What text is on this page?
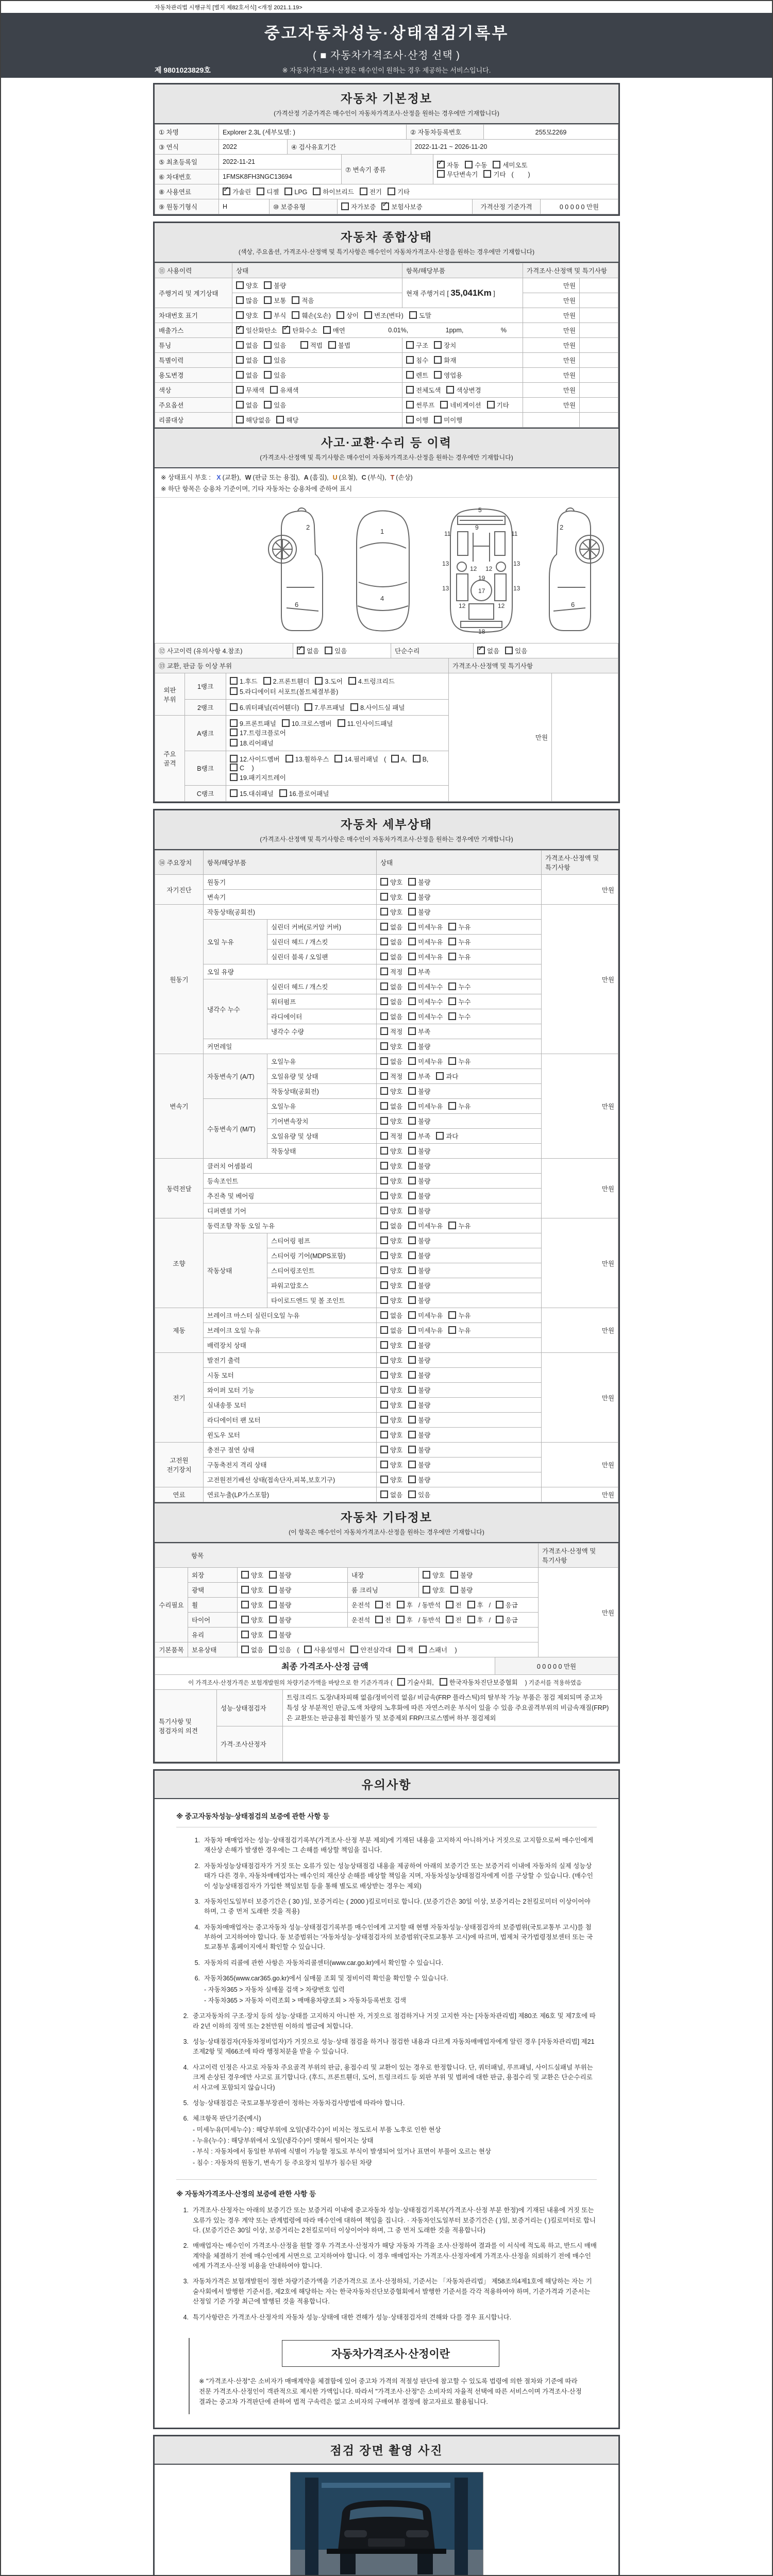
자동차관리법 시행규칙 [별지 제82호서식] <개정 2021.1.19>
중고자동차성능·상태점검기록부
( ■ 자동차가격조사·산정 선택 )
※ 자동차가격조사·산정은 매수인이 원하는 경우 제공하는 서비스입니다.
제 9801023829호
자동차 기본정보
(가격산정 기준가격은 매수인이 자동차가격조사·산정을 원하는 경우에만 기재합니다)
① 차명	Explorer 2.3L (세부모델: )	② 자동차등록번호	255모2269
③ 연식	2022	④ 검사유효기간	2022-11-21 ~ 2026-11-20
⑤ 최초등록일	2022-11-21	⑦ 변속기 종류	
✓자동 수동 세미오토
무단변속기 기타 (        )

⑥ 차대번호	1FMSK8FH3NGC13694		
⑧ 사용연료	✓가솔린 디젤 LPG 하이브리드 전기 기타
⑨ 원동기형식	H	⑩ 보증유형	자가보증 ✓ 보험사보증	가격산정 기준가격	0 0 0 0 0 만원
자동차 종합상태
(색상, 주요옵션, 가격조사·산정액 및 특기사항은 매수인이 자동차가격조사·산정을 원하는 경우에만 기재합니다)
⑪ 사용이력	상태	항목/해당부품	가격조사·산정액 및 특기사항	
주행거리 및 계기상태	양호 불량	현재 주행거리 [ 35,041Km ]	만원	
	많음 보통 적음		만원	
차대번호 표기	양호 부식 훼손(오손) 상이 변조(변타) 도말		만원	
배출가스	
✓일산화탄소 ✓ 탄화수소 매연 0.01%, 1ppm, %		만원	
튜닝	없음 있음 적법 불법	구조 장치	만원	
특별이력	없음 있음	침수 화재	만원	
용도변경	없음 있음	렌트 영업용	만원	
색상	무채색 유채색	전체도색 색상변경	만원	
주요옵션	없음 있음	썬루프 네비게이션 기타	만원	
리콜대상	해당없음 해당	이행 미이행		
사고·교환·수리 등 이력
(가격조사·산정액 및 특기사항은 매수인이 자동차가격조사·산정을 원하는 경우에만 기재합니다)
※ 상태표시 부호 : X (교환), W (판금 또는 용접), A (흠집), U (요철), C (부식), T (손상)
※ 하단 항목은 승용차 기준이며, 기타 자동차는 승용차에 준하여 표시
2
6
1
4
11	11
13	13
9
5
12 12
13	13
12	12
19
17
18
2
6
⑫ 사고이력 (유의사항 4.참조)	✓없음 있음	단순수리	✓없음 있음
⑬ 교환, 판금 등 이상 부위			가격조사·산정액 및 특기사항	
외판 부위	1랭크	1.후드 2.프론트휀더 3.도어 4.트렁크리드
5.라디에이터 서포트(볼트체결부품)	만원	
	2랭크	6.쿼터패널(리어휀더) 7.루프패널 8.사이드실 패널		

주요 골격	A랭크	9.프론트패널 10.크로스멤버 11.인사이드패널17.트렁크플로어
18.리어패널		

	B랭크	12.사이드멤버 13.휠하우스 14.필러패널 ( A, B,C )
19.패키지트레이		

	C랭크	15.대쉬패널 16.플로어패널		
자동차 세부상태
(가격조사·산정액 및 특기사항은 매수인이 자동차가격조사·산정을 원하는 경우에만 기재합니다)
⑭ 주요장치	항목/해당부품		상태	가격조사·산정액 및 특기사항
자기진단	원동기		양호 불량	만원
	변속기		양호 불량	
원동기	작동상태(공회전)		양호 불량	만원
	오일 누유	실린더 커버(로커암 커버)	없음 미세누유 누유	
		실린더 헤드 / 개스킷	없음 미세누유 누유	
		실린더 블록 / 오일팬	없음 미세누유 누유	
	오일 유량		적정 부족	
	냉각수 누수	실린더 헤드 / 개스킷	없음 미세누수 누수	
		워터펌프	없음 미세누수 누수	
		라디에이터	없음 미세누수 누수	
		냉각수 수량	적정 부족	
	커먼레일		양호 불량	
변속기	자동변속기 (A/T)	오일누유	없음 미세누유 누유	만원
		오일유량 및 상태	적정 부족 과다	
		작동상태(공회전)	양호 불량	
	수동변속기 (M/T)	오일누유	없음 미세누유 누유	
		기어변속장치	양호 불량	
		오일유량 및 상태	적정 부족 과다	
		작동상태	양호 불량	
동력전달	클러치 어셈블리		양호 불량	만원
	등속조인트		양호 불량	
	추진축 및 베어링		양호 불량	
	디퍼렌셜 기어		양호 불량	
조향	동력조향 작동 오일 누유		없음 미세누유 누유	만원
	작동상태	스티어링 펌프	양호 불량	
		스티어링 기어(MDPS포함)	양호 불량	
		스티어링조인트	양호 불량	
		파워고압호스	양호 불량	
		타이로드엔드 및 볼 조인트	양호 불량	
제동	브레이크 마스터 실린더오일 누유		없음 미세누유 누유	만원
	브레이크 오일 누유		없음 미세누유 누유	
	배력장치 상태		양호 불량	
전기	발전기 출력		양호 불량	만원
	시동 모터		양호 불량	
	와이퍼 모터 기능		양호 불량	
	실내송풍 모터		양호 불량	
	라디에이터 팬 모터		양호 불량	
	윈도우 모터		양호 불량	
고전원 전기장치	충전구 절연 상태		양호 불량	만원
	구동축전지 격리 상태		양호 불량	
	고전원전기배선 상태(접속단자,피복,보호기구)		양호 불량	
연료	연료누출(LP가스포함)		없음 있음	만원
자동차 기타정보
(이 항목은 매수인이 자동차가격조사·산정을 원하는 경우에만 기재합니다)
항목					가격조사·산정액 및 특기사항
수리필요	외장	양호 불량	내장	양호 불량	만원
	광택	양호 불량	룸 크리닝	양호 불량	
	휠	양호 불량	운전석 전 후 / 동반석 전 후 / 응급		
	타이어	양호 불량	운전석 전 후 / 동반석 전 후 / 응급		
	유리	양호 불량			
기본품목	보유상태	없음 있음 ( 사용설명서 안전삼각대 잭 스패너 )			
최종 가격조사·산정 금액	0 0 0 0 0 만원
이 가격조사·산정가격은 보험개발원의 차량기준가액을 바탕으로 한 기준가격과 ( 기술사회, 한국자동차진단보증협회 ) 기준서를 적용하였음
특기사항 및 점검자의 의견	성능·상태점검자	트렁크리드 도장/내차피해 없음/정비이력 없음/ 비금속(FRP 플라스틱)의 탈부착 가능 부품은 점검 제외되며 중고차 특성 상 부분적인 판금,도색 차량의 노후화에 따른 자연스러운 부식이 있을 수 있음 주요골격부위의 비금속재질(FRP)은 교환또는 판금용접 확인불가 및 보증제외 FRP/크로스멤버 하부 점검제외
	가격·조사산정자	
유의사항
※ 중고자동차성능·상태점검의 보증에 관한 사항 등
1. 자동차 매매업자는 성능·상태점검기록부(가격조사·산정 부분 제외)에 기재된 내용을 고지하지 아니하거나 거짓으로 고지함으로써 매수인에게 재산상 손해가 발생한 경우에는 그 손해를 배상할 책임을 집니다.
2. 자동차성능상태점검자가 거짓 또는 오류가 있는 성능상태점검 내용을 제공하여 아래의 보증기간 또는 보증거리 이내에 자동차의 실제 성능상태가 다른 경우, 자동차매매업자는 매수인의 재산상 손해를 배상할 책임을 지며, 자동차성능상태점검자에게 이를 구상할 수 있습니다. (매수인이 성능상태점검자가 가입한 책임보험 등을 통해 별도로 배상받는 경우는 제외)
3. 자동차인도일부터 보증기간은 ( 30 )일, 보증거리는 ( 2000 )킬로미터로 합니다. (보증기간은 30일 이상, 보증거리는 2천킬로미터 이상이어야 하며, 그 중 먼저 도래한 것을 적용)
4. 자동차매매업자는 중고자동차 성능·상태점검기록부를 매수인에게 고지할 때 현행 자동차성능·상태점검자의 보증범위(국토교통부 고시)를 첨부하여 고지하여야 합니다. 동 보증범위는 '자동차성능·상태점검자의 보증범위'(국토교통부 고시)에 따르며, 법제처 국가법령정보센터 또는 국토교통부 홈페이지에서 확인할 수 있습니다.
5. 자동차의 리콜에 관한 사항은 자동차리콜센터(www.car.go.kr)에서 확인할 수 있습니다.
6. 자동차365(www.car365.go.kr)에서 실매물 조회 및 정비이력 확인을 확인할 수 있습니다.
- 자동차365 > 자동차 실매물 검색 > 차량번호 입력
- 자동차365 > 자동차 이력조회 > 매매용차량조회 > 자동차등록번호 검색
2. 중고자동차의 구조·장치 등의 성능·상태를 고지하지 아니한 자, 거짓으로 점검하거나 거짓 고지한 자는 [자동차관리법] 제80조 제6호 및 제7호에 따라 2년 이하의 징역 또는 2천만원 이하의 벌금에 처합니다.
3. 성능·상태점검자(자동차정비업자)가 거짓으로 성능·상태 점검을 하거나 점검한 내용과 다르게 자동차매매업자에게 알린 경우 [자동차관리법] 제21조제2항 및 제66조에 따라 행정처분을 받을 수 있습니다.
4. 사고이력 인정은 사고로 자동차 주요골격 부위의 판금, 용접수리 및 교환이 있는 경우로 한정합니다. 단, 쿼터패널, 루프패널, 사이드실패널 부위는 크게 손상된 경우에만 사고로 표기합니다. (후드, 프론트휀더, 도어, 트렁크리드 등 외판 부위 및 범퍼에 대한 판금, 용접수리 및 교환은 단순수리로서 사고에 포함되지 않습니다)
5. 성능·상태점검은 국토교통부장관이 정하는 자동차검사방법에 따라야 합니다.
6. 체크항목 판단기준(예시)
- 미세누유(미세누수) : 해당부위에 오일(냉각수)이 비치는 정도로서 부품 노후로 인한 현상
- 누유(누수) : 해당부위에서 오일(냉각수)이 맺혀서 떨어지는 상태
- 부식 : 자동차에서 동일한 부위에 식별이 가능할 정도로 부식이 발생되어 있거나 표면이 부풀어 오르는 현상
- 침수 : 자동차의 원동기, 변속기 등 주요장치 일부가 침수된 차량
※ 자동차가격조사·산정의 보증에 관한 사항 등
1. 가격조사·산정자는 아래의 보증기간 또는 보증거리 이내에 중고자동차 성능·상태점검기록부(가격조사·산정 부분 한정)에 기재된 내용에 거짓 또는 오류가 있는 경우 계약 또는 관계법령에 따라 매수인에 대하여 책임을 집니다. · 자동차인도일부터 보증기간은 ( )일, 보증거리는 ( )킬로미터로 합니다. (보증기간은 30일 이상, 보증거리는 2천킬로미터 이상이어야 하며, 그 중 먼저 도래한 것을 적용합니다)
2. 매매업자는 매수인이 가격조사·산정을 원할 경우 가격조사·산정자가 해당 자동차 가격을 조사·산정하여 결과를 이 서식에 적도록 하고, 반드시 매매계약을 체결하기 전에 매수인에게 서면으로 고지하여야 합니다. 이 경우 매매업자는 가격조사·산정자에게 가격조사·산정을 의뢰하기 전에 매수인에게 가격조사·산정 비용을 안내하여야 합니다.
3. 자동차가격은 보험개발원이 정한 차량기준가액을 기준가격으로 조사·산정하되, 기준서는 「자동차관리법」 제58조의4제1호에 해당하는 자는 기술사회에서 발행한 기준서를, 제2호에 해당하는 자는 한국자동차진단보증협회에서 발행한 기준서를 각각 적용하여야 하며, 기준가격과 기준서는 산정일 기준 가장 최근에 발행된 것을 적용합니다.
4. 특기사항란은 가격조사·산정자의 자동차 성능·상태에 대한 견해가 성능·상태점검자의 견해와 다를 경우 표시합니다.
자동차가격조사·산정이란

※ "가격조사·산정"은 소비자가 매매계약을 체결함에 있어 중고차 가격의 적절성 판단에 참고할 수 있도록 법령에 의한 절차와 기준에 따라 전문 가격조사·산정인이 객관적으로 제시한 가액입니다. 따라서 "가격조사·산정"은 소비자의 자율적 선택에 따른 서비스이며 가격조사·산정 결과는 중고차 가격판단에 관하여 법적 구속력은 없고 소비자의 구매여부 결정에 참고자료로 활용됩니다.

점검 장면 촬영 사진
